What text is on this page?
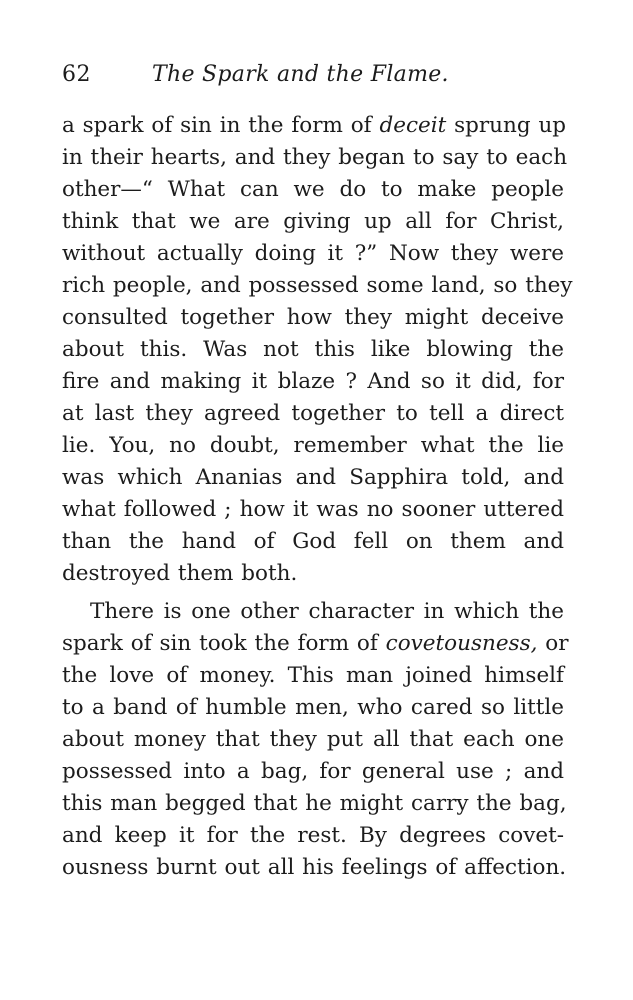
62	The Spark and the Flame.
a spark of sin in the form of deceit sprung up
in their hearts, and they began to say to each
other—“ What can we do to make people
think that we are giving up all for Christ,
without actually doing it ?” Now they were
rich people, and possessed some land, so they
consulted together how they might deceive
about this. Was not this like blowing the
fire and making it blaze ? And so it did, for
at last they agreed together to tell a direct
lie. You, no doubt, remember what the lie
was which Ananias and Sapphira told, and
what followed ; how it was no sooner uttered
than the hand of God fell on them and
destroyed them both.
There is one other character in which the
spark of sin took the form of covetousness, or
the love of money. This man joined himself
to a band of humble men, who cared so little
about money that they put all that each one
possessed into a bag, for general use ; and
this man begged that he might carry the bag,
and keep it for the rest. By degrees covet-
ousness burnt out all his feelings of affection.
